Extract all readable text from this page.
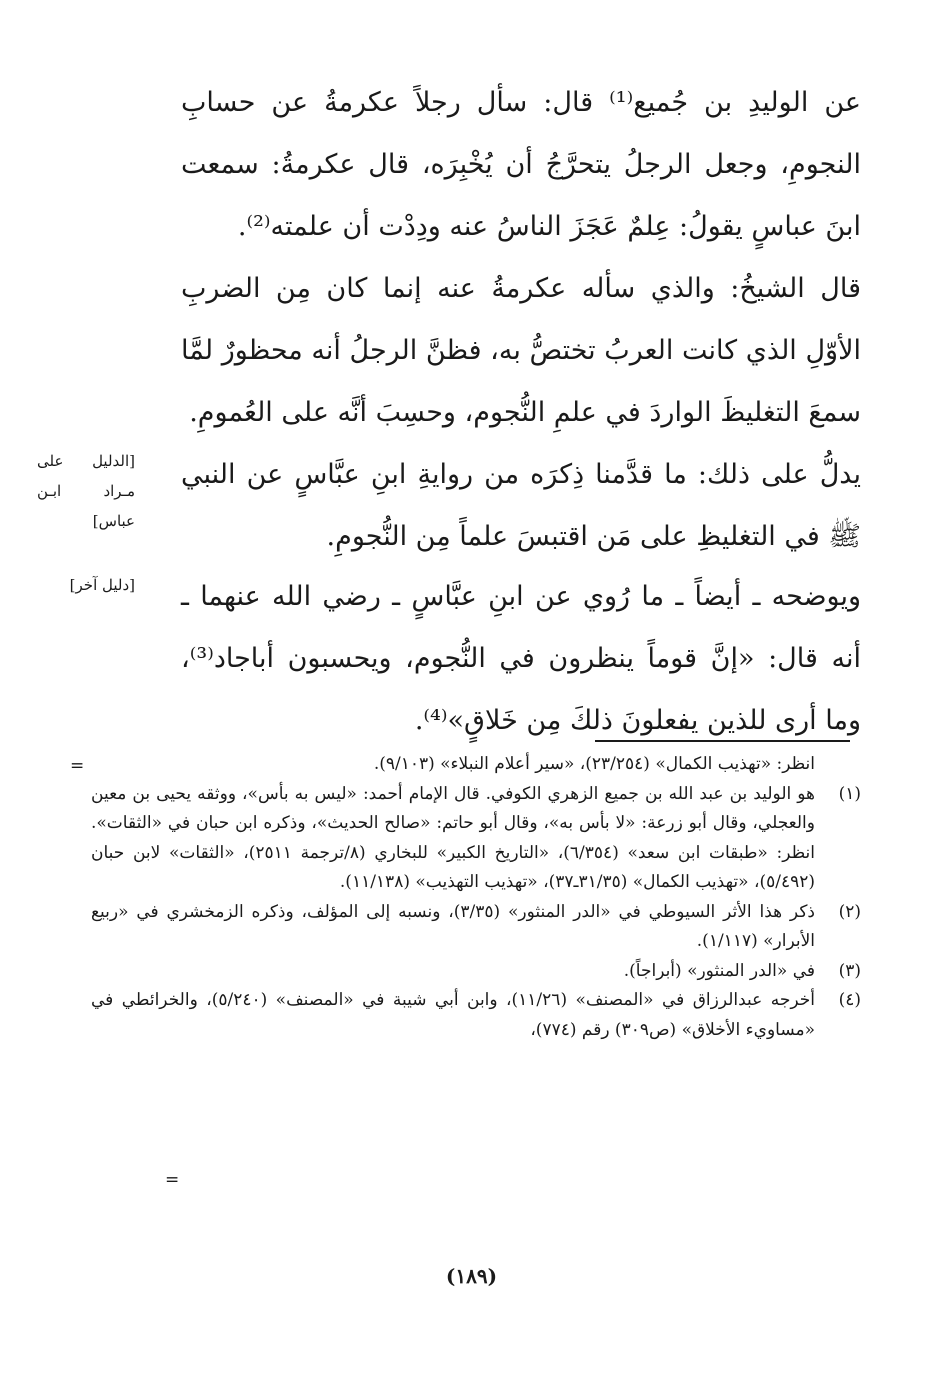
عن الوليدِ بن جُميع⁽¹⁾ قال: سأل رجلاً عكرمةُ عن حسابِ النجومِ، وجعل الرجلُ يتحرَّجُ أن يُخْبِرَه، قال عكرمةُ: سمعت ابنَ عباسٍ يقولُ: عِلمٌ عَجَزَ الناسُ عنه ودِدْت أن علمته⁽²⁾.

قال الشيخُ: والذي سأله عكرمةُ عنه إنما كان مِن الضربِ الأوّلِ الذي كانت العربُ تختصُّ به، فظنَّ الرجلُ أنه محظورٌ لمَّا سمعَ التغليظَ الواردَ في علمِ النُّجوم، وحسِبَ أنَّه على العُمومِ.

يدلُّ على ذلك: ما قدَّمنا ذِكرَه من روايةِ ابنِ عبَّاسٍ عن النبي ﷺ في التغليظِ على مَن اقتبسَ علماً مِن النُّجومِ.

ويوضحه ـ أيضاً ـ ما رُوي عن ابنِ عبَّاسٍ ـ رضي الله عنهما ـ أنه قال: «إنَّ قوماً ينظرون في النُّجوم، ويحسبون أباجاد⁽³⁾، وما أرى للذين يفعلونَ ذلكَ مِن خَلاقٍ»⁽⁴⁾.

[الدليل على مـراد ابـن عباس]

[دليل آخر]

=	انظر: «تهذيب الكمال» (٢٣/٢٥٤)، «سير أعلام النبلاء» (٩/١٠٣).
(١)
هو الوليد بن عبد الله بن جميع الزهري الكوفي. قال الإمام أحمد: «ليس به بأس»، ووثقه يحيى بن معين والعجلي، وقال أبو زرعة: «لا بأس به»، وقال أبو حاتم: «صالح الحديث»، وذكره ابن حبان في «الثقات». انظر: «طبقات ابن سعد» (٦/٣٥٤)، «التاريخ الكبير» للبخاري (٨/ترجمة ٢٥١١)، «الثقات» لابن حبان (٥/٤٩٢)، «تهذيب الكمال» (٣١/٣٥ـ٣٧)، «تهذيب التهذيب» (١١/١٣٨).
(٢)
ذكر هذا الأثر السيوطي في «الدر المنثور» (٣/٣٥)، ونسبه إلى المؤلف، وذكره الزمخشري في «ربيع الأبرار» (١/١١٧).
(٣)
في «الدر المنثور» (أبراجاً).
(٤)
أخرجه عبدالرزاق في «المصنف» (١١/٢٦)، وابن أبي شيبة في «المصنف» (٥/٢٤٠)، والخرائطي في «مساويء الأخلاق» (ص٣٠٩) رقم (٧٧٤)،
=

(١٨٩)
